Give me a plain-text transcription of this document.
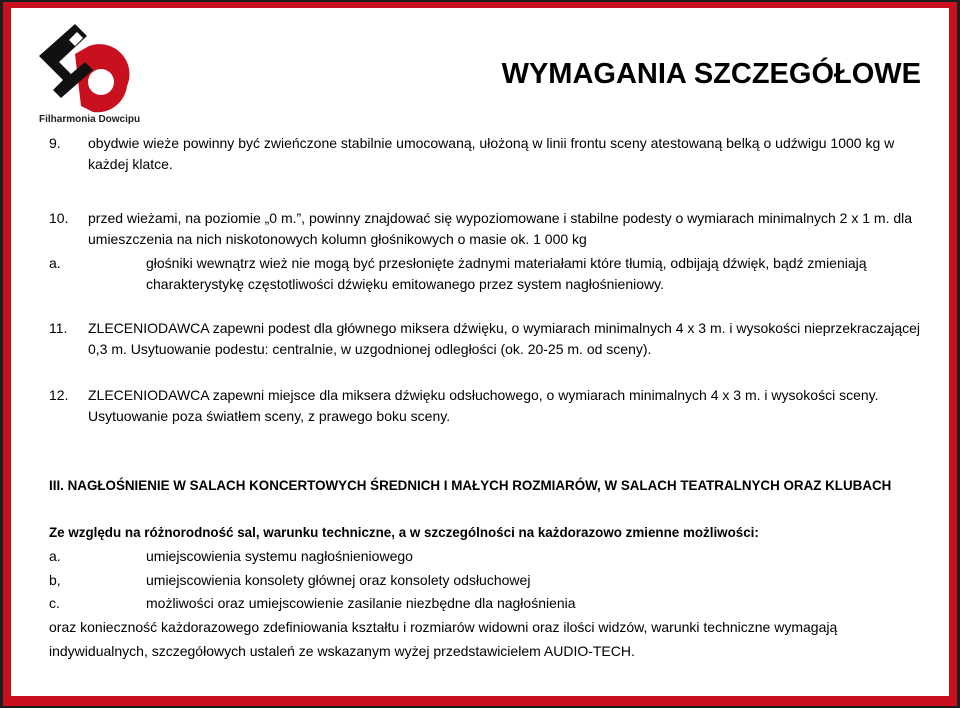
Filharmonia Dowcipu
WYMAGANIA SZCZEGÓŁOWE
9. obydwie wieże powinny być zwieńczone stabilnie umocowaną, ułożoną w linii frontu sceny atestowaną belką o udźwigu 1000 kg w każdej klatce.
10. przed wieżami, na poziomie „0 m.”, powinny znajdować się wypoziomowane i stabilne podesty o wymiarach minimalnych 2 x 1 m. dla umieszczenia na nich niskotonowych kolumn głośnikowych o masie ok. 1 000 kg
a.	głośniki wewnątrz wież nie mogą być przesłonięte żadnymi materiałami które tłumią, odbijają dźwięk, bądź zmieniają charakterystykę częstotliwości dźwięku emitowanego przez system nagłośnieniowy.
11. ZLECENIODAWCA zapewni podest dla głównego miksera dźwięku, o wymiarach minimalnych 4 x 3 m. i wysokości nieprzekraczającej 0,3 m. Usytuowanie podestu: centralnie, w uzgodnionej odległości (ok. 20-25 m. od sceny).
12. ZLECENIODAWCA zapewni miejsce dla miksera dźwięku odsłuchowego, o wymiarach minimalnych 4 x 3 m. i wysokości sceny. Usytuowanie poza światłem sceny, z prawego boku sceny.
III. NAGŁOŚNIENIE W SALACH KONCERTOWYCH ŚREDNICH I MAŁYCH ROZMIARÓW, W SALACH TEATRALNYCH ORAZ KLUBACH
Ze względu na różnorodność sal, warunku techniczne, a w szczególności na każdorazowo zmienne możliwości:
a.	umiejscowienia systemu nagłośnieniowego
b,	umiejscowienia konsolety głównej oraz konsolety odsłuchowej
c.	możliwości oraz umiejscowienie zasilanie niezbędne dla nagłośnienia
oraz konieczność każdorazowego zdefiniowania kształtu i rozmiarów widowni oraz ilości widzów, warunki techniczne wymagają indywidualnych, szczegółowych ustaleń ze wskazanym wyżej przedstawicielem AUDIO-TECH.
